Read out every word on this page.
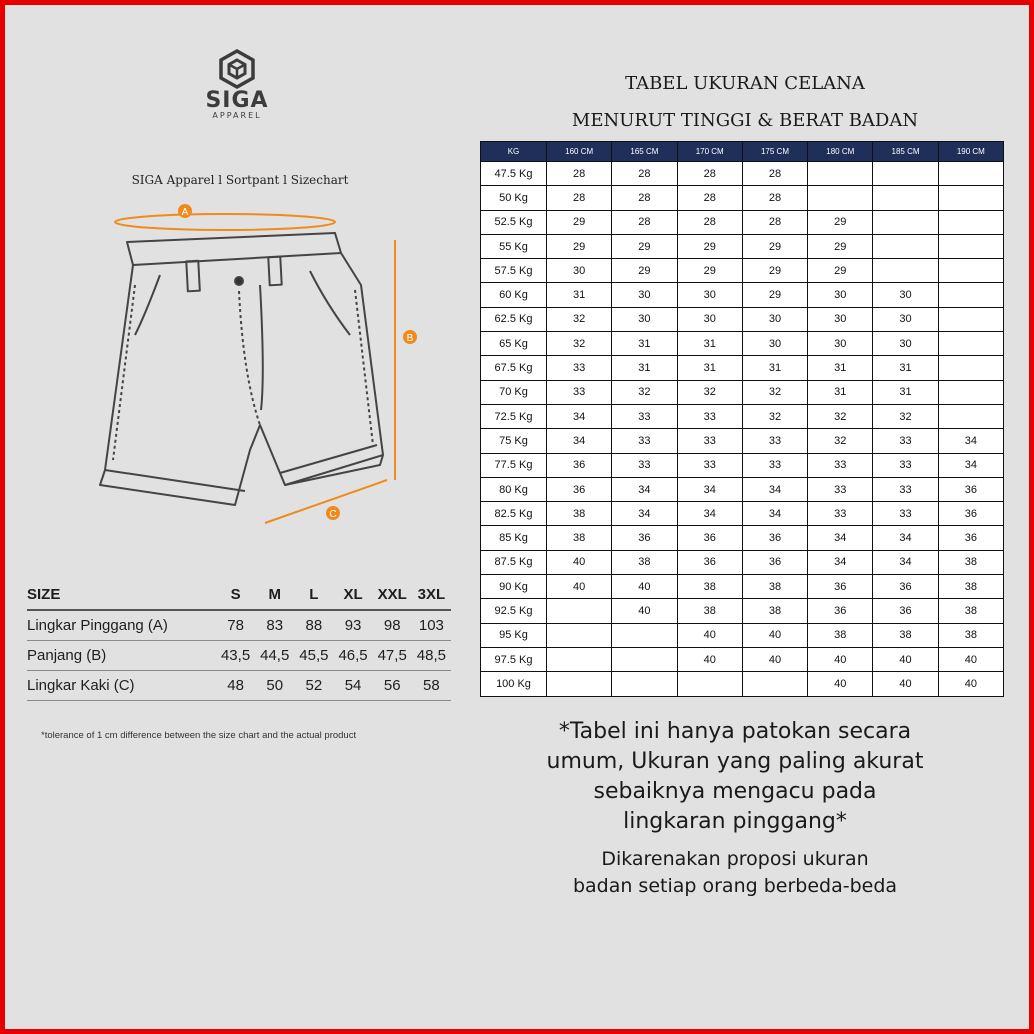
SIGA
APPAREL
SIGA Apparel l Sortpant l Sizechart
A
B
C
SIZE	S	M	L	XL	XXL	3XL
Lingkar Pinggang (A)	78	83	88	93	98	103
Panjang (B)	43,5	44,5	45,5	46,5	47,5	48,5
Lingkar Kaki (C)	48	50	52	54	56	58
*tolerance of 1 cm difference between the size chart and the actual product
TABEL UKURAN CELANA
MENURUT TINGGI & BERAT BADAN
KG	160 CM	165 CM	170 CM	175 CM	180 CM	185 CM	190 CM
47.5 Kg	28	28	28	28			
50 Kg	28	28	28	28			
52.5 Kg	29	28	28	28	29		
55 Kg	29	29	29	29	29		
57.5 Kg	30	29	29	29	29		
60 Kg	31	30	30	29	30	30	
62.5 Kg	32	30	30	30	30	30	
65 Kg	32	31	31	30	30	30	
67.5 Kg	33	31	31	31	31	31	
70 Kg	33	32	32	32	31	31	
72.5 Kg	34	33	33	32	32	32	
75 Kg	34	33	33	33	32	33	34
77.5 Kg	36	33	33	33	33	33	34
80 Kg	36	34	34	34	33	33	36
82.5 Kg	38	34	34	34	33	33	36
85 Kg	38	36	36	36	34	34	36
87.5 Kg	40	38	36	36	34	34	38
90 Kg	40	40	38	38	36	36	38
92.5 Kg		40	38	38	36	36	38
95 Kg			40	40	38	38	38
97.5 Kg			40	40	40	40	40
100 Kg					40	40	40
*Tabel ini hanya patokan secara
umum, Ukuran yang paling akurat
sebaiknya mengacu pada
lingkaran pinggang*
Dikarenakan proposi ukuran
badan setiap orang berbeda-beda
